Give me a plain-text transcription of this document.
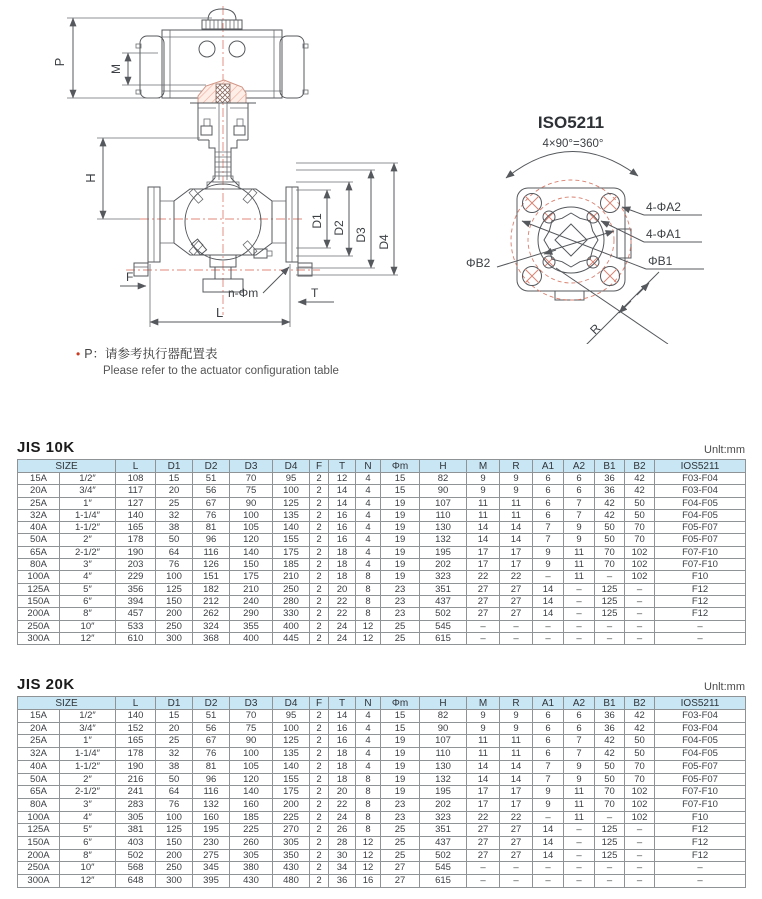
P
M
H
D1 D2 D3 D4
F
n-Φm	T
L
ISO5211
4×90°=360°
4-ΦA2
4-ΦA1
ΦB2	ΦB1
R
• P：请参考执行器配置表
Please refer to the actuator configuration table
JIS 10K	Unlt:mm
SIZE		L	D1	D2	D3	D4	F	T	N	Φm	H	M	R	A1	A2	B1	B2	IOS5211
15A	1/2″	108	15	51	70	95	2	12	4	15	82	9	9	6	6	36	42	F03-F04
20A	3/4″	117	20	56	75	100	2	14	4	15	90	9	9	6	6	36	42	F03-F04
25A	1″	127	25	67	90	125	2	14	4	19	107	11	11	6	7	42	50	F04-F05
32A	1-1/4″	140	32	76	100	135	2	16	4	19	110	11	11	6	7	42	50	F04-F05
40A	1-1/2″	165	38	81	105	140	2	16	4	19	130	14	14	7	9	50	70	F05-F07
50A	2″	178	50	96	120	155	2	16	4	19	132	14	14	7	9	50	70	F05-F07
65A	2-1/2″	190	64	116	140	175	2	18	4	19	195	17	17	9	11	70	102	F07-F10
80A	3″	203	76	126	150	185	2	18	4	19	202	17	17	9	11	70	102	F07-F10
100A	4″	229	100	151	175	210	2	18	8	19	323	22	22	–	11	–	102	F10
125A	5″	356	125	182	210	250	2	20	8	23	351	27	27	14	–	125	–	F12
150A	6″	394	150	212	240	280	2	22	8	23	437	27	27	14	–	125	–	F12
200A	8″	457	200	262	290	330	2	22	8	23	502	27	27	14	–	125	–	F12
250A	10″	533	250	324	355	400	2	24	12	25	545	–	–	–	–	–	–	–
300A	12″	610	300	368	400	445	2	24	12	25	615	–	–	–	–	–	–	–
JIS 20K	Unlt:mm
SIZE		L	D1	D2	D3	D4	F	T	N	Φm	H	M	R	A1	A2	B1	B2	IOS5211
15A	1/2″	140	15	51	70	95	2	14	4	15	82	9	9	6	6	36	42	F03-F04
20A	3/4″	152	20	56	75	100	2	16	4	15	90	9	9	6	6	36	42	F03-F04
25A	1″	165	25	67	90	125	2	16	4	19	107	11	11	6	7	42	50	F04-F05
32A	1-1/4″	178	32	76	100	135	2	18	4	19	110	11	11	6	7	42	50	F04-F05
40A	1-1/2″	190	38	81	105	140	2	18	4	19	130	14	14	7	9	50	70	F05-F07
50A	2″	216	50	96	120	155	2	18	8	19	132	14	14	7	9	50	70	F05-F07
65A	2-1/2″	241	64	116	140	175	2	20	8	19	195	17	17	9	11	70	102	F07-F10
80A	3″	283	76	132	160	200	2	22	8	23	202	17	17	9	11	70	102	F07-F10
100A	4″	305	100	160	185	225	2	24	8	23	323	22	22	–	11	–	102	F10
125A	5″	381	125	195	225	270	2	26	8	25	351	27	27	14	–	125	–	F12
150A	6″	403	150	230	260	305	2	28	12	25	437	27	27	14	–	125	–	F12
200A	8″	502	200	275	305	350	2	30	12	25	502	27	27	14	–	125	–	F12
250A	10″	568	250	345	380	430	2	34	12	27	545	–	–	–	–	–	–	–
300A	12″	648	300	395	430	480	2	36	16	27	615	–	–	–	–	–	–	–
